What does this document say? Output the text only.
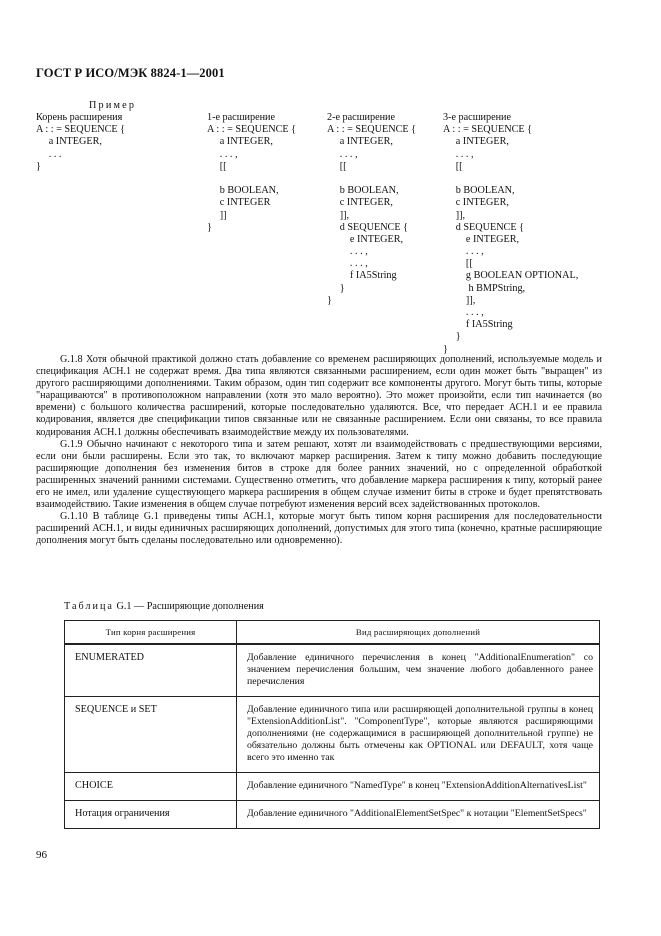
ГОСТ Р ИСО/МЭК 8824-1—2001
Пример
Корень расширения
A : : = SEQUENCE {
a INTEGER,
. . .
}
1-е расширение
A : : = SEQUENCE {
a INTEGER,
. . . ,
[[
b BOOLEAN,
c INTEGER
]]
}
2-е расширение
A : : = SEQUENCE {
a INTEGER,
. . . ,
[[
b BOOLEAN,
c INTEGER,
]],
d SEQUENCE {
e INTEGER,
. . . ,
. . . ,
f IA5String
}
}
3-е расширение
A : : = SEQUENCE {
a INTEGER,
. . . ,
[[
b BOOLEAN,
c INTEGER,
]],
d SEQUENCE {
e INTEGER,
. . . ,
[[
g BOOLEAN OPTIONAL,
h BMPString,
]],
. . . ,
f IA5String
}
}

G.1.8 Хотя обычной практикой должно стать добавление со временем расширяющих дополнений, используемые модель и спецификация АСН.1 не содержат время. Два типа являются связанными расширением, если один может быть "выращен" из другого расширяющими дополнениями. Таким образом, один тип содержит все компоненты другого. Могут быть типы, которые "наращиваются" в противоположном направлении (хотя это мало вероятно). Это может произойти, если тип начинается (во времени) с большого количества расширений, которые последовательно удаляются. Все, что передает АСН.1 и ее правила кодирования, является две спецификации типов связанные или не связанные расширением. Если они связаны, то все правила кодирования АСН.1 должны обеспечивать взаимодействие между их пользователями.

G.1.9 Обычно начинают с некоторого типа и затем решают, хотят ли взаимодействовать с предшествующими версиями, если они были расширены. Если это так, то включают маркер расширения. Затем к типу можно добавить последующие расширяющие дополнения без изменения битов в строке для более ранних значений, но с определенной обработкой расширенных значений ранними системами. Существенно отметить, что добавление маркера расширения к типу, который ранее его не имел, или удаление существующего маркера расширения в общем случае изменит биты в строке и будет препятствовать взаимодействию. Такие изменения в общем случае потребуют изменения версий всех задействованных протоколов.

G.1.10 В таблице G.1 приведены типы АСН.1, которые могут быть типом корня расширения для последовательности расширений АСН.1, и виды единичных расширяющих дополнений, допустимых для этого типа (конечно, кратные расширяющие дополнения могут быть сделаны последовательно или одновременно).

Таблица G.1 — Расширяющие дополнения
Тип корня расширения	Вид расширяющих дополнений
ENUMERATED	Добавление единичного перечисления в конец "AdditionalEnumeration" со значением перечисления большим, чем значение любого добавленного ранее перечисления
SEQUENCE и SET	Добавление единичного типа или расширяющей дополнительной группы в конец "ExtensionAdditionList". "ComponentType", которые являются расширяющими дополнениями (не содержащимися в расширяющей дополнительной группе) не обязательно должны быть отмечены как OPTIONAL или DEFAULT, хотя чаще всего это именно так
CHOICE	Добавление единичного "NamedType" в конец "ExtensionAdditionAlternativesList"
Нотация ограничения	Добавление единичного "AdditionalElementSetSpec" к нотации "ElementSetSpecs"
96
